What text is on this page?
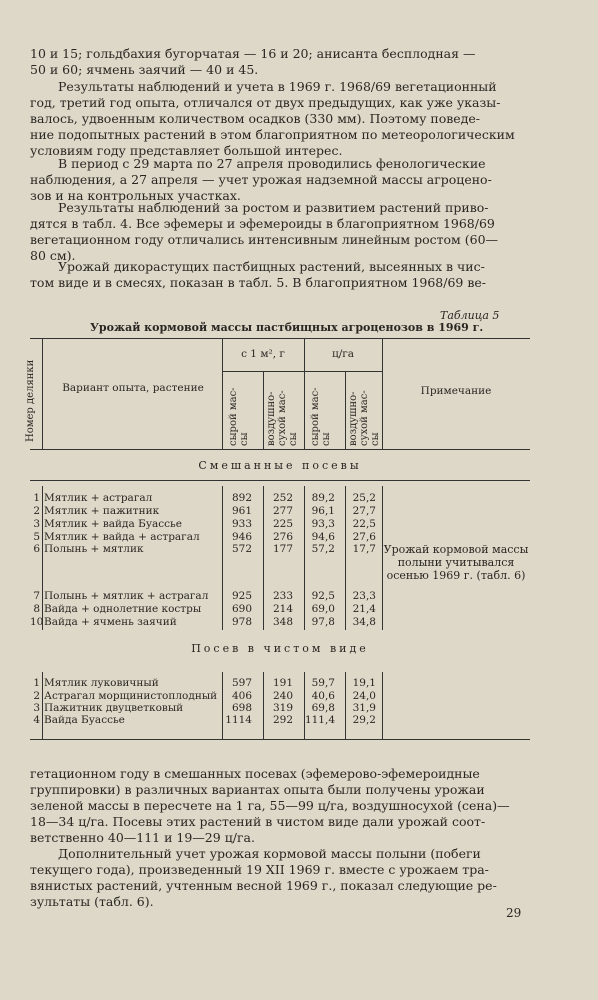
10 и 15; гольдбахия бугорчатая — 16 и 20; анисанта бесплодная —
50 и 60; ячмень заячий — 40 и 45.

Результаты наблюдений и учета в 1969 г. 1968/69 вегетационный
год, третий год опыта, отличался от двух предыдущих, как уже указы-
валось, удвоенным количеством осадков (330 мм). Поэтому поведе-
ние подопытных растений в этом благоприятном по метеорологическим
условиям году представляет большой интерес.

В период с 29 марта по 27 апреля проводились фенологические
наблюдения, а 27 апреля — учет урожая надземной массы агроцено-
зов и на контрольных участках.

Результаты наблюдений за ростом и развитием растений приво-
дятся в табл. 4. Все эфемеры и эфемероиды в благоприятном 1968/69
вегетационном году отличались интенсивным линейным ростом (60—
80 см).

Урожай дикорастущих пастбищных растений, высеянных в чис-
том виде и в смесях, показан в табл. 5. В благоприятном 1968/69 ве-

Таблица 5
Урожай кормовой массы пастбищных агроценозов в 1969 г.
Номер делянки	Вариант опыта, растение
с 1 м², г	ц/га
сырой мас-
сы воздушно-
сухой мас-
сы сырой мас-
сы воздушно-
сухой мас-
сы
Примечание
Смешанные посевы
1 Мятлик + астрагал	892	252	89,2	25,2
2 Мятлик + пажитник	961	277	96,1	27,7
3 Мятлик + вайда Буассье	933	225	93,3	22,5
5 Мятлик + вайда + астрагал	946	276	94,6	27,6
6 Полынь + мятлик	572	177	57,2	17,7
7 Полынь + мятлик + астрагал	925	233	92,5	23,3
8 Вайда + однолетние костры	690	214	69,0	21,4
10 Вайда + ячмень заячий	978	348	97,8	34,8
Урожай кормовой массы полыни учитывался осенью 1969 г. (табл. 6)
Посев в чистом виде
1 Мятлик луковичный	597	191	59,7	19,1
2 Астрагал морщинистоплодный	406	240	40,6	24,0
3 Пажитник двуцветковый	698	319	69,8	31,9
4 Вайда Буассье	1114	292	111,4	29,2

гетационном году в смешанных посевах (эфемерово-эфемероидные
группировки) в различных вариантах опыта были получены урожаи
зеленой массы в пересчете на 1 га, 55—99 ц/га, воздушносухой (сена)—
18—34 ц/га. Посевы этих растений в чистом виде дали урожай соот-
ветственно 40—111 и 19—29 ц/га.

Дополнительный учет урожая кормовой массы полыни (побеги
текущего года), произведенный 19 XII 1969 г. вместе с урожаем тра-
вянистых растений, учтенным весной 1969 г., показал следующие ре-
зультаты (табл. 6).

29
